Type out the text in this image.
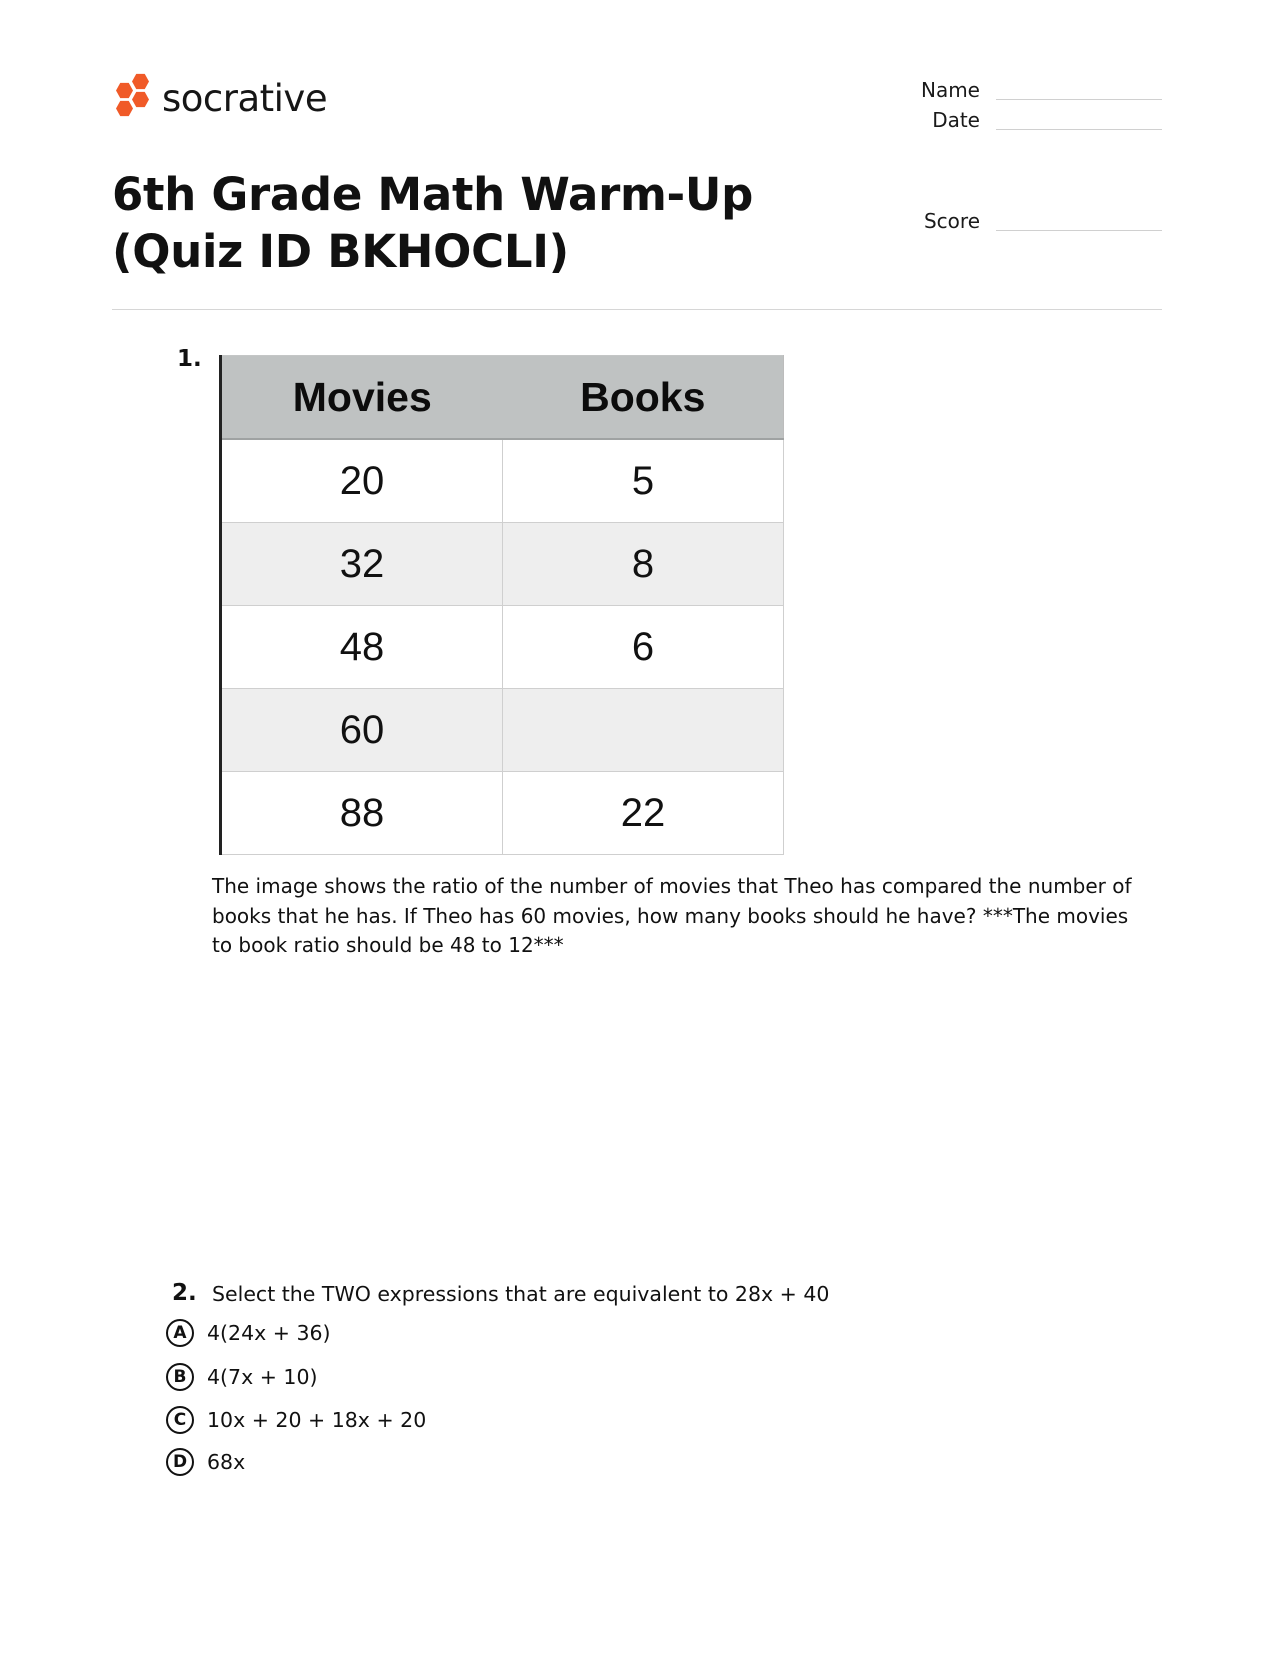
socrative	Name
Date
Score
6th Grade Math Warm-Up (Quiz ID BKHOCLI)
1.
Movies	Books
20	5
32	8
48	6
60	
88	22
The image shows the ratio of the number of movies that Theo has compared the number of books that he has. If Theo has 60 movies, how many books should he have? ***The movies to book ratio should be 48 to 12***
2. Select the TWO expressions that are equivalent to 28x + 40
A 4(24x + 36)
B	4(7x + 10)
C	10x + 20 + 18x + 20
D 68x
